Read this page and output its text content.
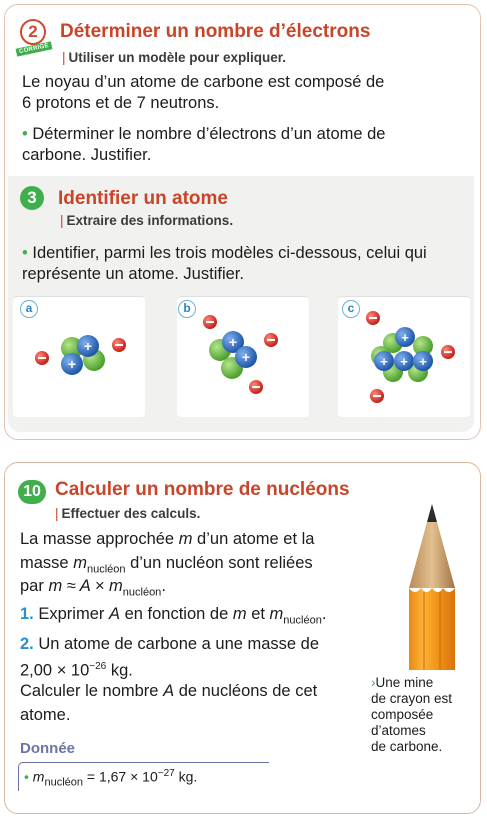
2
CORRIGÉ
Déterminer un nombre d’électrons
| Utiliser un modèle pour expliquer.
Le noyau d’un atome de carbone est composé de
6 protons et de 7 neutrons.
• Déterminer le nombre d’électrons d’un atome de
carbone. Justifier.
3	Identifier un atome
| Extraire des informations.
• Identifier, parmi les trois modèles ci-dessous, celui qui
représente un atome. Justifier.
a	b	c
+
+
+
+
+
+ + +
10 Calculer un nombre de nucléons
| Effectuer des calculs.
La masse approchée m d’un atome et la
masse $m_{nucléon}$ d’un nucléon sont reliées
par $m \approx A \times m_{nucléon}$.
1. Exprimer A en fonction de m et $m_{nucléon}$.
2. Un atome de carbone a une masse de
$2,00 \times 10^{-26}$ kg.
Calculer le nombre A de nucléons de cet
atome.
Donnée
• $m_{nucléon} = 1,67 \times 10^{-27}$ kg.
›Une mine
de crayon est
composée
d’atomes
de carbone.
